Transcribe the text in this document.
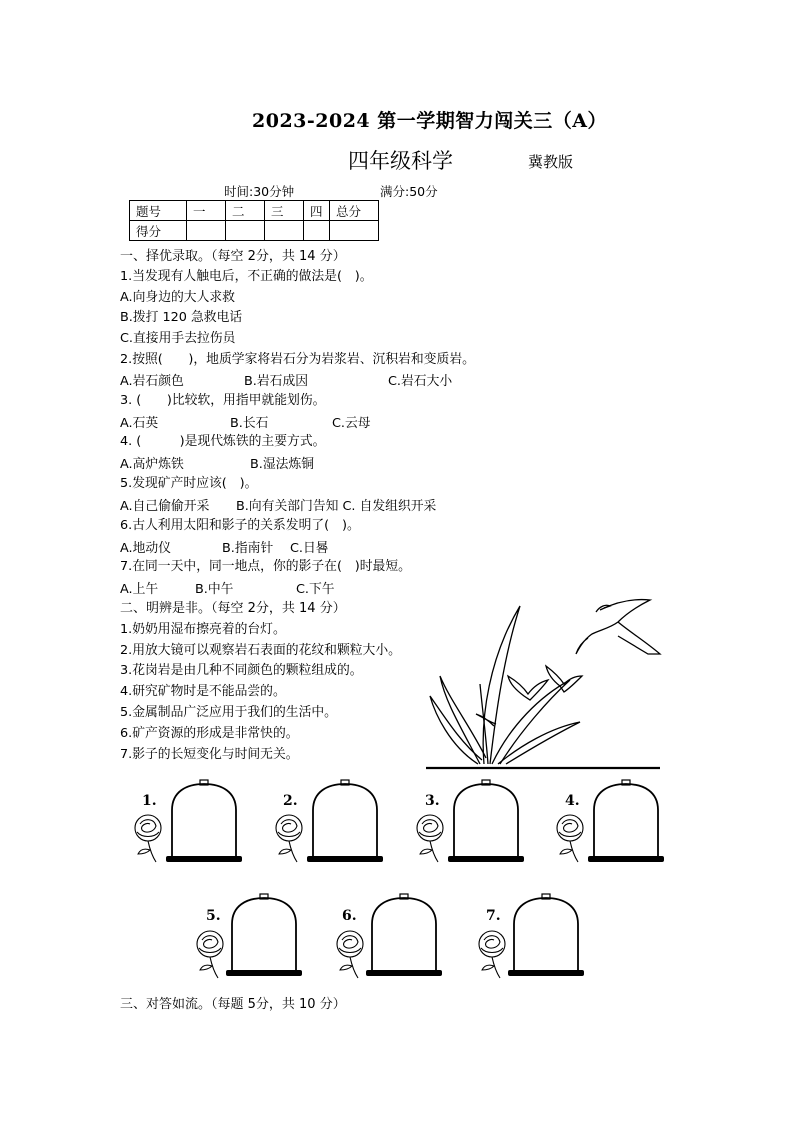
2023-2024 第一学期智力闯关三（A）
四年级科学	冀教版
时间:30分钟	满分:50分
题号	一	二	三	四	总分
得分					
一、择优录取。（每空 2分，共 14 分）
1.当发现有人触电后，不正确的做法是(　)。
A.向身边的大人求救
B.拨打 120 急救电话
C.直接用手去拉伤员
2.按照(　　)，地质学家将岩石分为岩浆岩、沉积岩和变质岩。
A.岩石颜色	B.岩石成因	C.岩石大小
3. (　　)比较软，用指甲就能划伤。
A.石英	B.长石	C.云母
4. (　　　)是现代炼铁的主要方式。
A.高炉炼铁	B.湿法炼铜
5.发现矿产时应该(　)。
A.自己偷偷开采 B.向有关部门告知 C. 自发组织开采
6.古人利用太阳和影子的关系发明了(　)。
A.地动仪	B.指南针 C.日晷
7.在同一天中，同一地点，你的影子在(　)时最短。
A.上午	B.中午	C.下午
二、明辨是非。（每空 2分，共 14 分）
1.奶奶用湿布擦亮着的台灯。
2.用放大镜可以观察岩石表面的花纹和颗粒大小。
3.花岗岩是由几种不同颜色的颗粒组成的。
4.研究矿物时是不能品尝的。
5.金属制品广泛应用于我们的生活中。
6.矿产资源的形成是非常快的。
7.影子的长短变化与时间无关。
1.	2.	3.	4.
5.	6.	7.
三、对答如流。（每题 5分，共 10 分）
